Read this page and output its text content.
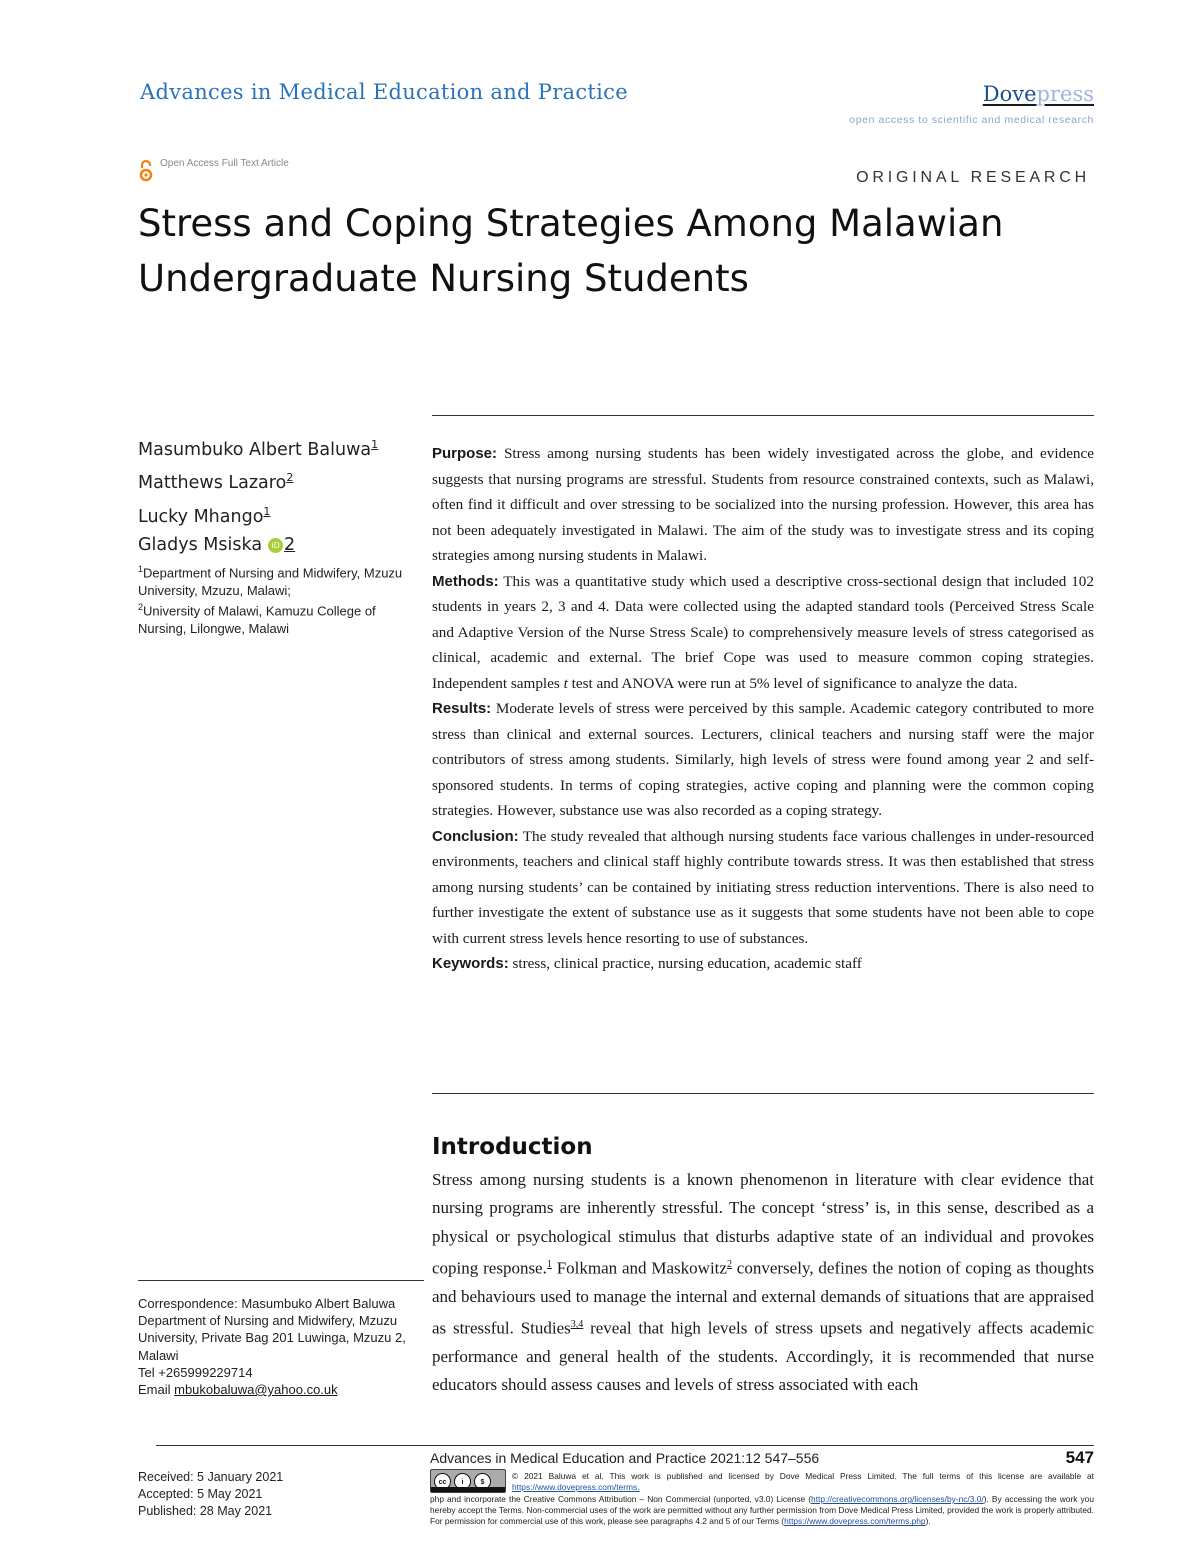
Advances in Medical Education and Practice	Dovepress
open access to scientific and medical research
Open Access Full Text Article
ORIGINAL RESEARCH
Stress and Coping Strategies Among Malawian Undergraduate Nursing Students
Masumbuko Albert Baluwa$^1$
Matthews Lazaro$^2$
Lucky Mhango$^1$
Gladys Msiska iD 2
$^1$Department of Nursing and Midwifery, Mzuzu University, Mzuzu, Malawi;
$^2$University of Malawi, Kamuzu College of Nursing, Lilongwe, Malawi

Purpose: Stress among nursing students has been widely investigated across the globe, and evidence suggests that nursing programs are stressful. Students from resource constrained contexts, such as Malawi, often find it difficult and over stressing to be socialized into the nursing profession. However, this area has not been adequately investigated in Malawi. The aim of the study was to investigate stress and its coping strategies among nursing students in Malawi.

Methods: This was a quantitative study which used a descriptive cross-sectional design that included 102 students in years 2, 3 and 4. Data were collected using the adapted standard tools (Perceived Stress Scale and Adaptive Version of the Nurse Stress Scale) to comprehensively measure levels of stress categorised as clinical, academic and external. The brief Cope was used to measure common coping strategies. Independent samples t test and ANOVA were run at 5% level of significance to analyze the data.

Results: Moderate levels of stress were perceived by this sample. Academic category contributed to more stress than clinical and external sources. Lecturers, clinical teachers and nursing staff were the major contributors of stress among students. Similarly, high levels of stress were found among year 2 and self-sponsored students. In terms of coping strategies, active coping and planning were the common coping strategies. However, substance use was also recorded as a coping strategy.

Conclusion: The study revealed that although nursing students face various challenges in under-resourced environments, teachers and clinical staff highly contribute towards stress. It was then established that stress among nursing students’ can be contained by initiating stress reduction interventions. There is also need to further investigate the extent of substance use as it suggests that some students have not been able to cope with current stress levels hence resorting to use of substances.

Keywords: stress, clinical practice, nursing education, academic staff

Introduction
Stress among nursing students is a known phenomenon in literature with clear evidence that nursing programs are inherently stressful. The concept ‘stress’ is, in this sense, described as a physical or psychological stimulus that disturbs adaptive state of an individual and provokes coping response.$^1$ Folkman and Maskowitz$^2$ conversely, defines the notion of coping as thoughts and behaviours used to manage the internal and external demands of situations that are appraised as stressful. Studies$^{3,4}$ reveal that high levels of stress upsets and negatively affects academic performance and general health of the students. Accordingly, it is recommended that nurse educators should assess causes and levels of stress associated with each
Correspondence: Masumbuko Albert Baluwa
Department of Nursing and Midwifery, Mzuzu University, Private Bag 201 Luwinga, Mzuzu 2, Malawi
Tel +265999229714
Email mbukobaluwa@yahoo.co.uk
Received: 5 January 2021
Accepted: 5 May 2021
Published: 28 May 2021
Advances in Medical Education and Practice 2021:12 547–556	547
cc	i	$
© 2021 Baluwa et al. This work is published and licensed by Dove Medical Press Limited. The full terms of this license are available at https://www.dovepress.com/terms.
php and incorporate the Creative Commons Attribution – Non Commercial (unported, v3.0) License (http://creativecommons.org/licenses/by-nc/3.0/). By accessing the work you hereby accept the Terms. Non-commercial uses of the work are permitted without any further permission from Dove Medical Press Limited, provided the work is properly attributed. For permission for commercial use of this work, please see paragraphs 4.2 and 5 of our Terms (https://www.dovepress.com/terms.php).
